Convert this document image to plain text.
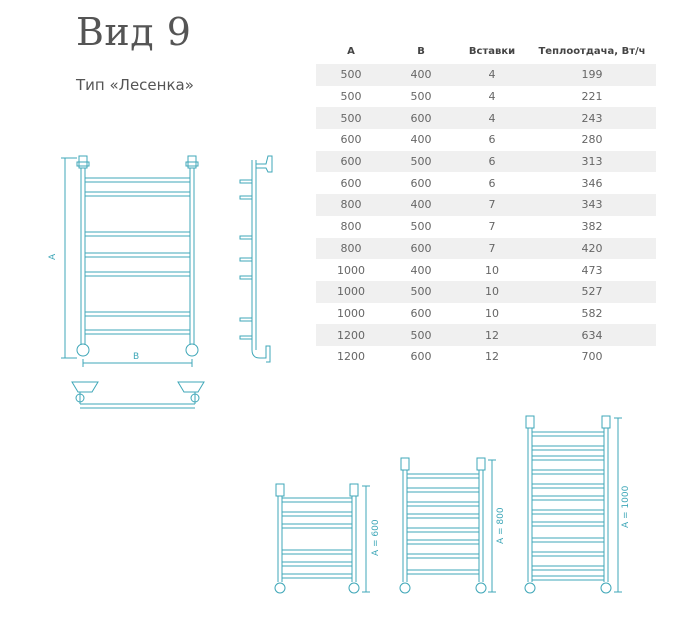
Вид 9
Тип «Лесенка»
A	B	Вставки	Теплоотдача, Вт/ч
500	400	4	199
500	500	4	221
500	600	4	243
600	400	6	280
600	500	6	313
600	600	6	346
800	400	7	343
800	500	7	382
800	600	7	420
1000	400	10	473
1000	500	10	527
1000	600	10	582
1200	500	12	634
1200	600	12	700
A
B
A = 600	A = 800	A = 1000
